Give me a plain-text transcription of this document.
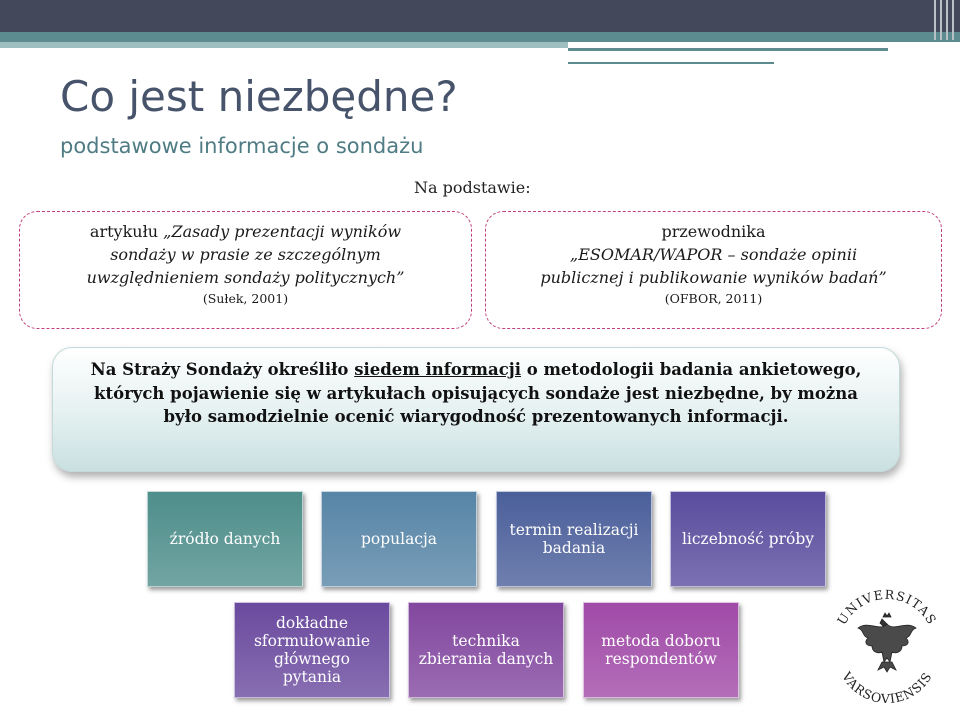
Co jest niezbędne?
podstawowe informacje o sondażu
Na podstawie:
artykułu „Zasady prezentacji wyników
sondaży w prasie ze szczególnym
uwzględnieniem sondaży politycznych”
(Sułek, 2001)
przewodnika
„ESOMAR/WAPOR – sondaże opinii
publicznej i publikowanie wyników badań”
(OFBOR, 2011)
Na Straży Sondaży określiło siedem informacji o metodologii badania ankietowego, których pojawienie się w artykułach opisujących sondaże jest niezbędne, by można było samodzielnie ocenić wiarygodność prezentowanych informacji.
źródło danych	populacja	termin realizacji badania	liczebność próby
dokładne sformułowanie głównego pytania
technika zbierania danych
metoda doboru respondentów
UNIVERSITAS
VARSOVIENSIS
